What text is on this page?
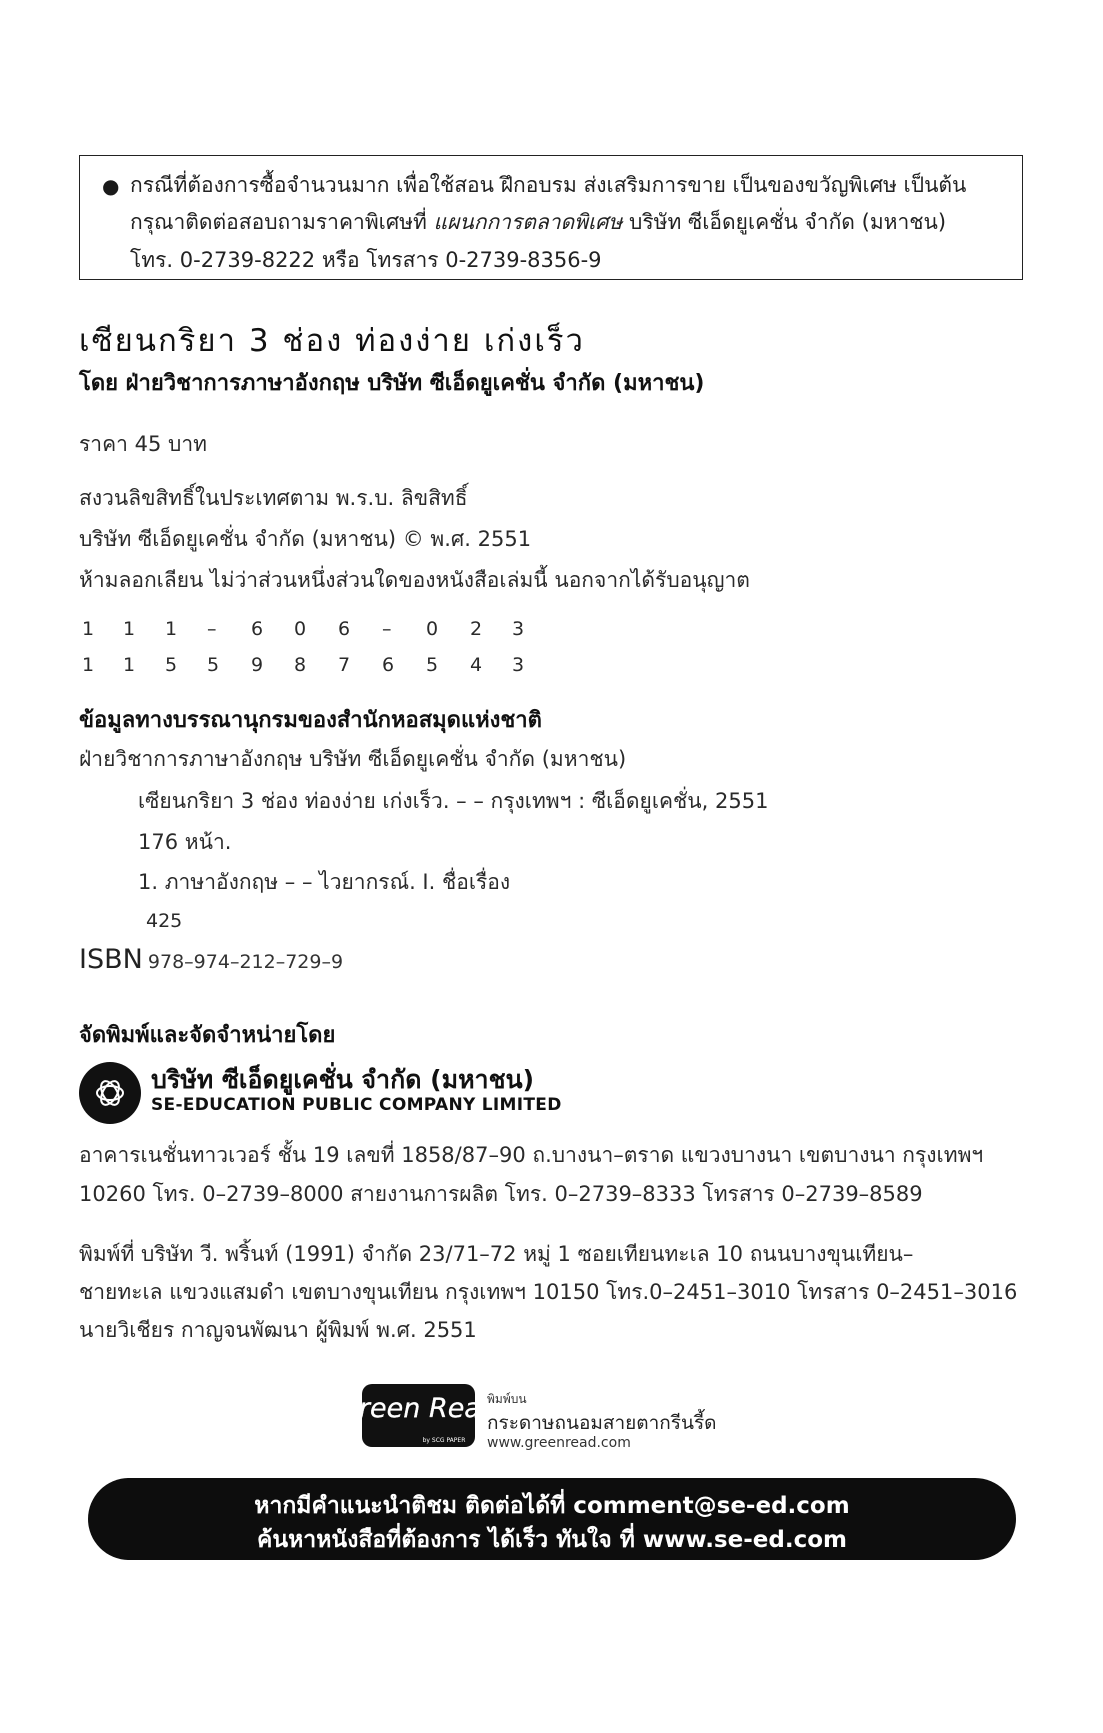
● กรณีที่ต้องการซื้อจำนวนมาก เพื่อใช้สอน ฝึกอบรม ส่งเสริมการขาย เป็นของขวัญพิเศษ เป็นต้น
กรุณาติดต่อสอบถามราคาพิเศษที่ แผนกการตลาดพิเศษ บริษัท ซีเอ็ดยูเคชั่น จำกัด (มหาชน)
โทร. 0-2739-8222 หรือ โทรสาร 0-2739-8356-9
เซียนกริยา 3 ช่อง ท่องง่าย เก่งเร็ว
โดย ฝ่ายวิชาการภาษาอังกฤษ บริษัท ซีเอ็ดยูเคชั่น จำกัด (มหาชน)
ราคา 45 บาท
สงวนลิขสิทธิ์ในประเทศตาม พ.ร.บ. ลิขสิทธิ์
บริษัท ซีเอ็ดยูเคชั่น จำกัด (มหาชน) © พ.ศ. 2551
ห้ามลอกเลียน ไม่ว่าส่วนหนึ่งส่วนใดของหนังสือเล่มนี้ นอกจากได้รับอนุญาต
1 1 1 – 6 0 6 – 0 2 3
1 1 5 5 9 8 7 6 5 4 3
ข้อมูลทางบรรณานุกรมของสำนักหอสมุดแห่งชาติ
ฝ่ายวิชาการภาษาอังกฤษ บริษัท ซีเอ็ดยูเคชั่น จำกัด (มหาชน)
เซียนกริยา 3 ช่อง ท่องง่าย เก่งเร็ว. – – กรุงเทพฯ : ซีเอ็ดยูเคชั่น, 2551
176 หน้า.
1. ภาษาอังกฤษ – – ไวยากรณ์. I. ชื่อเรื่อง
425
ISBN 978–974–212–729–9
จัดพิมพ์และจัดจำหน่ายโดย
บริษัท ซีเอ็ดยูเคชั่น จำกัด (มหาชน)
SE-EDUCATION PUBLIC COMPANY LIMITED
อาคารเนชั่นทาวเวอร์ ชั้น 19 เลขที่ 1858/87–90 ถ.บางนา–ตราด แขวงบางนา เขตบางนา กรุงเทพฯ
10260 โทร. 0–2739–8000 สายงานการผลิต โทร. 0–2739–8333 โทรสาร 0–2739–8589
พิมพ์ที่ บริษัท วี. พริ้นท์ (1991) จำกัด 23/71–72 หมู่ 1 ซอยเทียนทะเล 10 ถนนบางขุนเทียน–
ชายทะเล แขวงแสมดำ เขตบางขุนเทียน กรุงเทพฯ 10150 โทร.0–2451–3010 โทรสาร 0–2451–3016
นายวิเชียร กาญจนพัฒนา ผู้พิมพ์ พ.ศ. 2551
Green Read
by SCG PAPER
พิมพ์บน
กระดาษถนอมสายตากรีนรี้ด
www.greenread.com
หากมีคำแนะนำติชม ติดต่อได้ที่ comment@se-ed.com
ค้นหาหนังสือที่ต้องการ ได้เร็ว ทันใจ ที่ www.se-ed.com
